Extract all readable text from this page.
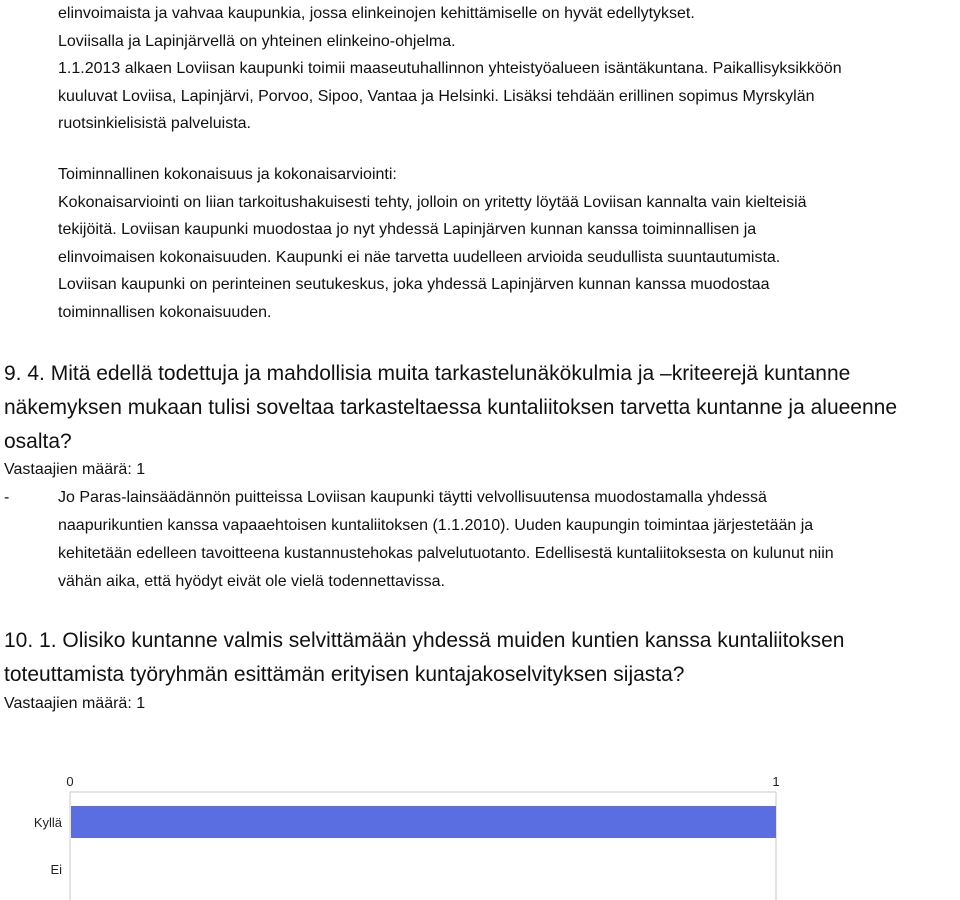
elinvoimaista ja vahvaa kaupunkia, jossa elinkeinojen kehittämiselle on hyvät edellytykset.
Loviisalla ja Lapinjärvellä on yhteinen elinkeino-ohjelma.
1.1.2013 alkaen Loviisan kaupunki toimii maaseutuhallinnon yhteistyöalueen isäntäkuntana. Paikallisyksikköön
kuuluvat Loviisa, Lapinjärvi, Porvoo, Sipoo, Vantaa ja Helsinki. Lisäksi tehdään erillinen sopimus Myrskylän
ruotsinkielisistä palveluista.
Toiminnallinen kokonaisuus ja kokonaisarviointi:
Kokonaisarviointi on liian tarkoitushakuisesti tehty, jolloin on yritetty löytää Loviisan kannalta vain kielteisiä
tekijöitä. Loviisan kaupunki muodostaa jo nyt yhdessä Lapinjärven kunnan kanssa toiminnallisen ja
elinvoimaisen kokonaisuuden. Kaupunki ei näe tarvetta uudelleen arvioida seudullista suuntautumista.
Loviisan kaupunki on perinteinen seutukeskus, joka yhdessä Lapinjärven kunnan kanssa muodostaa
toiminnallisen kokonaisuuden.
9. 4. Mitä edellä todettuja ja mahdollisia muita tarkastelunäkökulmia ja –kriteerejä kuntanne
näkemyksen mukaan tulisi soveltaa tarkasteltaessa kuntaliitoksen tarvetta kuntanne ja alueenne
osalta?
Vastaajien määrä: 1
-	Jo Paras-lainsäädännön puitteissa Loviisan kaupunki täytti velvollisuutensa muodostamalla yhdessä
naapurikuntien kanssa vapaaehtoisen kuntaliitoksen (1.1.2010). Uuden kaupungin toimintaa järjestetään ja
kehitetään edelleen tavoitteena kustannustehokas palvelutuotanto. Edellisestä kuntaliitoksesta on kulunut niin
vähän aika, että hyödyt eivät ole vielä todennettavissa.
10. 1. Olisiko kuntanne valmis selvittämään yhdessä muiden kuntien kanssa kuntaliitoksen
toteuttamista työryhmän esittämän erityisen kuntajakoselvityksen sijasta?
Vastaajien määrä: 1
0	1
Kyllä
Ei
